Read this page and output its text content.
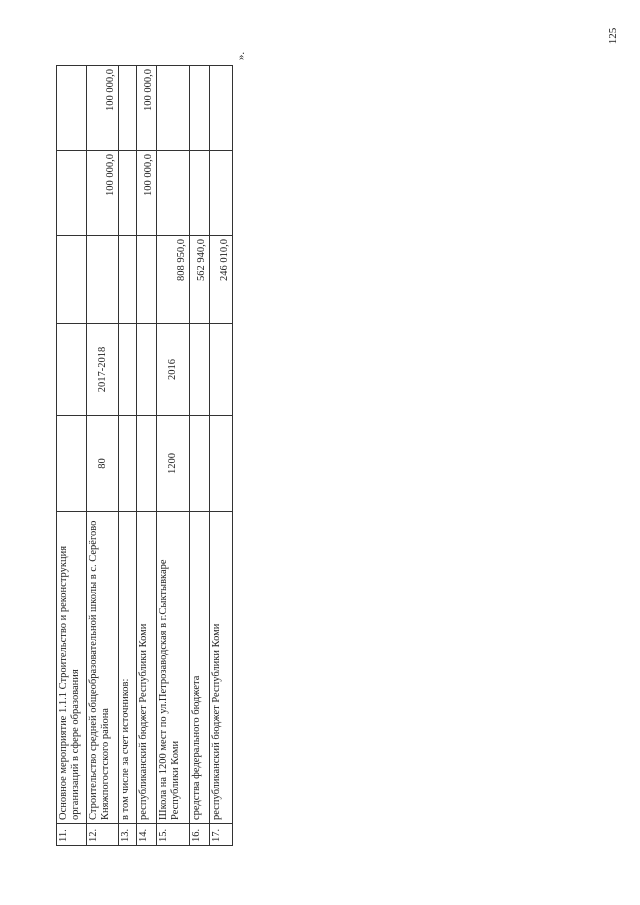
125
».
11.	Основное мероприятие 1.1.1 Строительство и реконструкция организаций в сфере образования					
12.	Строительство средней общеобразовательной школы в с. Серёгово Княжпогостского района	80	2017-2018		100 000,0	100 000,0
13.	в том числе за счет источников:					
14.	республиканский бюджет Республики Коми				100 000,0	100 000,0
15.	Школа на 1200 мест по ул.Петрозаводская в г.Сыктывкаре Республики Коми	1200	2016	808 950,0		
16.	средства федерального бюджета			562 940,0		
17.	республиканский бюджет Республики Коми			246 010,0		
